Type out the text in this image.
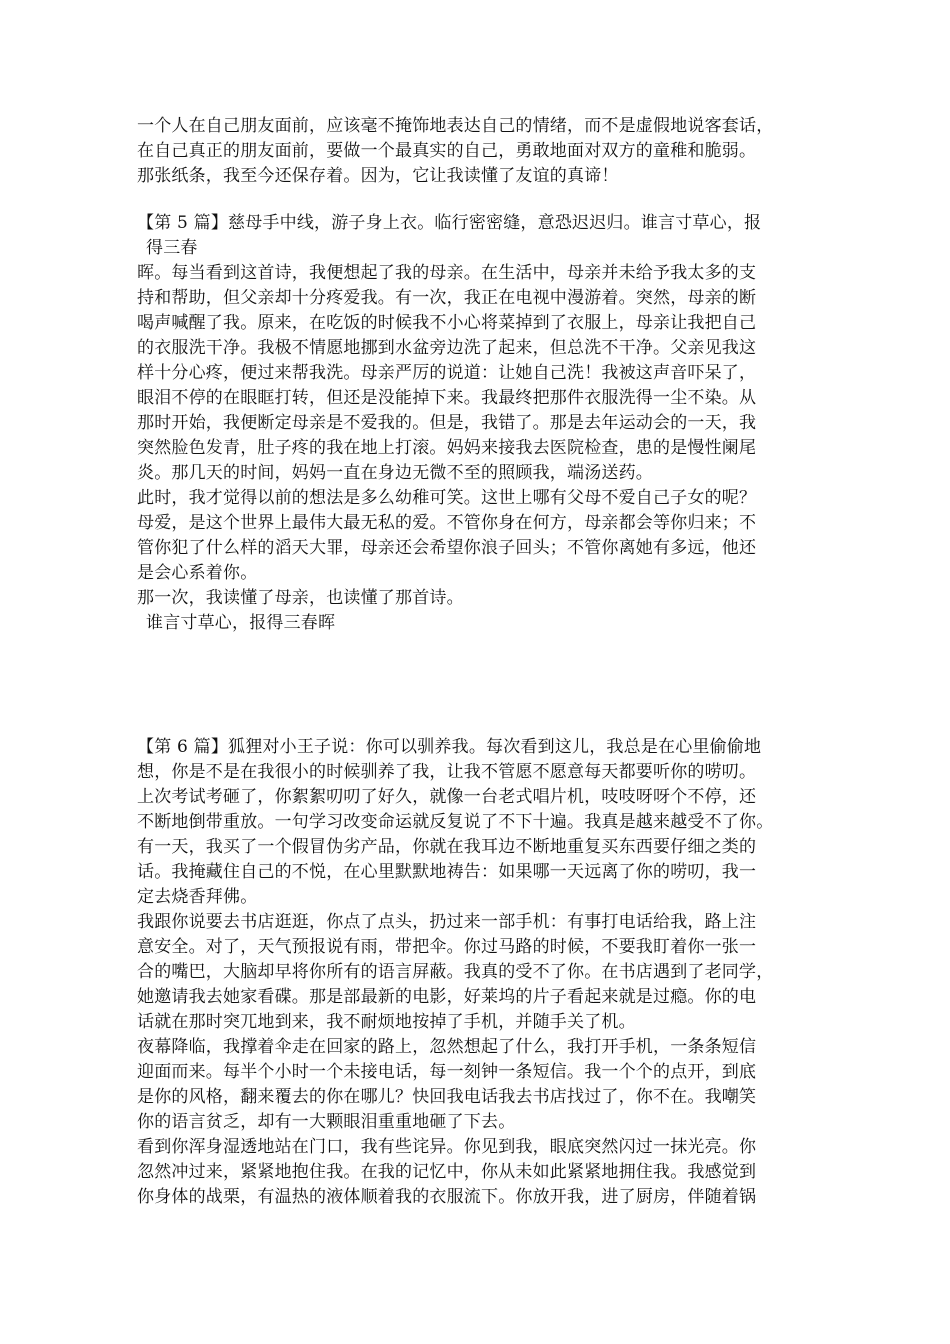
一个人在自己朋友面前，应该毫不掩饰地表达自己的情绪，而不是虚假地说客套话，
在自己真正的朋友面前，要做一个最真实的自己，勇敢地面对双方的童稚和脆弱。
那张纸条，我至今还保存着。因为，它让我读懂了友谊的真谛！
【第 5 篇】慈母手中线，游子身上衣。临行密密缝，意恐迟迟归。谁言寸草心，报
得三春
晖。每当看到这首诗，我便想起了我的母亲。在生活中，母亲并未给予我太多的支
持和帮助，但父亲却十分疼爱我。有一次，我正在电视中漫游着。突然，母亲的断
喝声喊醒了我。原来，在吃饭的时候我不小心将菜掉到了衣服上，母亲让我把自己
的衣服洗干净。我极不情愿地挪到水盆旁边洗了起来，但总洗不干净。父亲见我这
样十分心疼，便过来帮我洗。母亲严厉的说道：让她自己洗！我被这声音吓呆了，
眼泪不停的在眼眶打转，但还是没能掉下来。我最终把那件衣服洗得一尘不染。从
那时开始，我便断定母亲是不爱我的。但是，我错了。那是去年运动会的一天，我
突然脸色发青，肚子疼的我在地上打滚。妈妈来接我去医院检查，患的是慢性阑尾
炎。那几天的时间，妈妈一直在身边无微不至的照顾我，端汤送药。
此时，我才觉得以前的想法是多么幼稚可笑。这世上哪有父母不爱自己子女的呢？
母爱，是这个世界上最伟大最无私的爱。不管你身在何方，母亲都会等你归来；不
管你犯了什么样的滔天大罪，母亲还会希望你浪子回头；不管你离她有多远，他还
是会心系着你。
那一次，我读懂了母亲，也读懂了那首诗。
谁言寸草心，报得三春晖
【第 6 篇】狐狸对小王子说：你可以驯养我。每次看到这儿，我总是在心里偷偷地
想，你是不是在我很小的时候驯养了我，让我不管愿不愿意每天都要听你的唠叨。
上次考试考砸了，你絮絮叨叨了好久，就像一台老式唱片机，吱吱呀呀个不停，还
不断地倒带重放。一句学习改变命运就反复说了不下十遍。我真是越来越受不了你。
有一天，我买了一个假冒伪劣产品，你就在我耳边不断地重复买东西要仔细之类的
话。我掩藏住自己的不悦，在心里默默地祷告：如果哪一天远离了你的唠叨，我一
定去烧香拜佛。
我跟你说要去书店逛逛，你点了点头，扔过来一部手机：有事打电话给我，路上注
意安全。对了，天气预报说有雨，带把伞。你过马路的时候，不要我盯着你一张一
合的嘴巴，大脑却早将你所有的语言屏蔽。我真的受不了你。在书店遇到了老同学，
她邀请我去她家看碟。那是部最新的电影，好莱坞的片子看起来就是过瘾。你的电
话就在那时突兀地到来，我不耐烦地按掉了手机，并随手关了机。
夜幕降临，我撑着伞走在回家的路上，忽然想起了什么，我打开手机，一条条短信
迎面而来。每半个小时一个未接电话，每一刻钟一条短信。我一个个的点开，到底
是你的风格，翻来覆去的你在哪儿？快回我电话我去书店找过了，你不在。我嘲笑
你的语言贫乏，却有一大颗眼泪重重地砸了下去。
看到你浑身湿透地站在门口，我有些诧异。你见到我，眼底突然闪过一抹光亮。你
忽然冲过来，紧紧地抱住我。在我的记忆中，你从未如此紧紧地拥住我。我感觉到
你身体的战栗，有温热的液体顺着我的衣服流下。你放开我，进了厨房，伴随着锅
